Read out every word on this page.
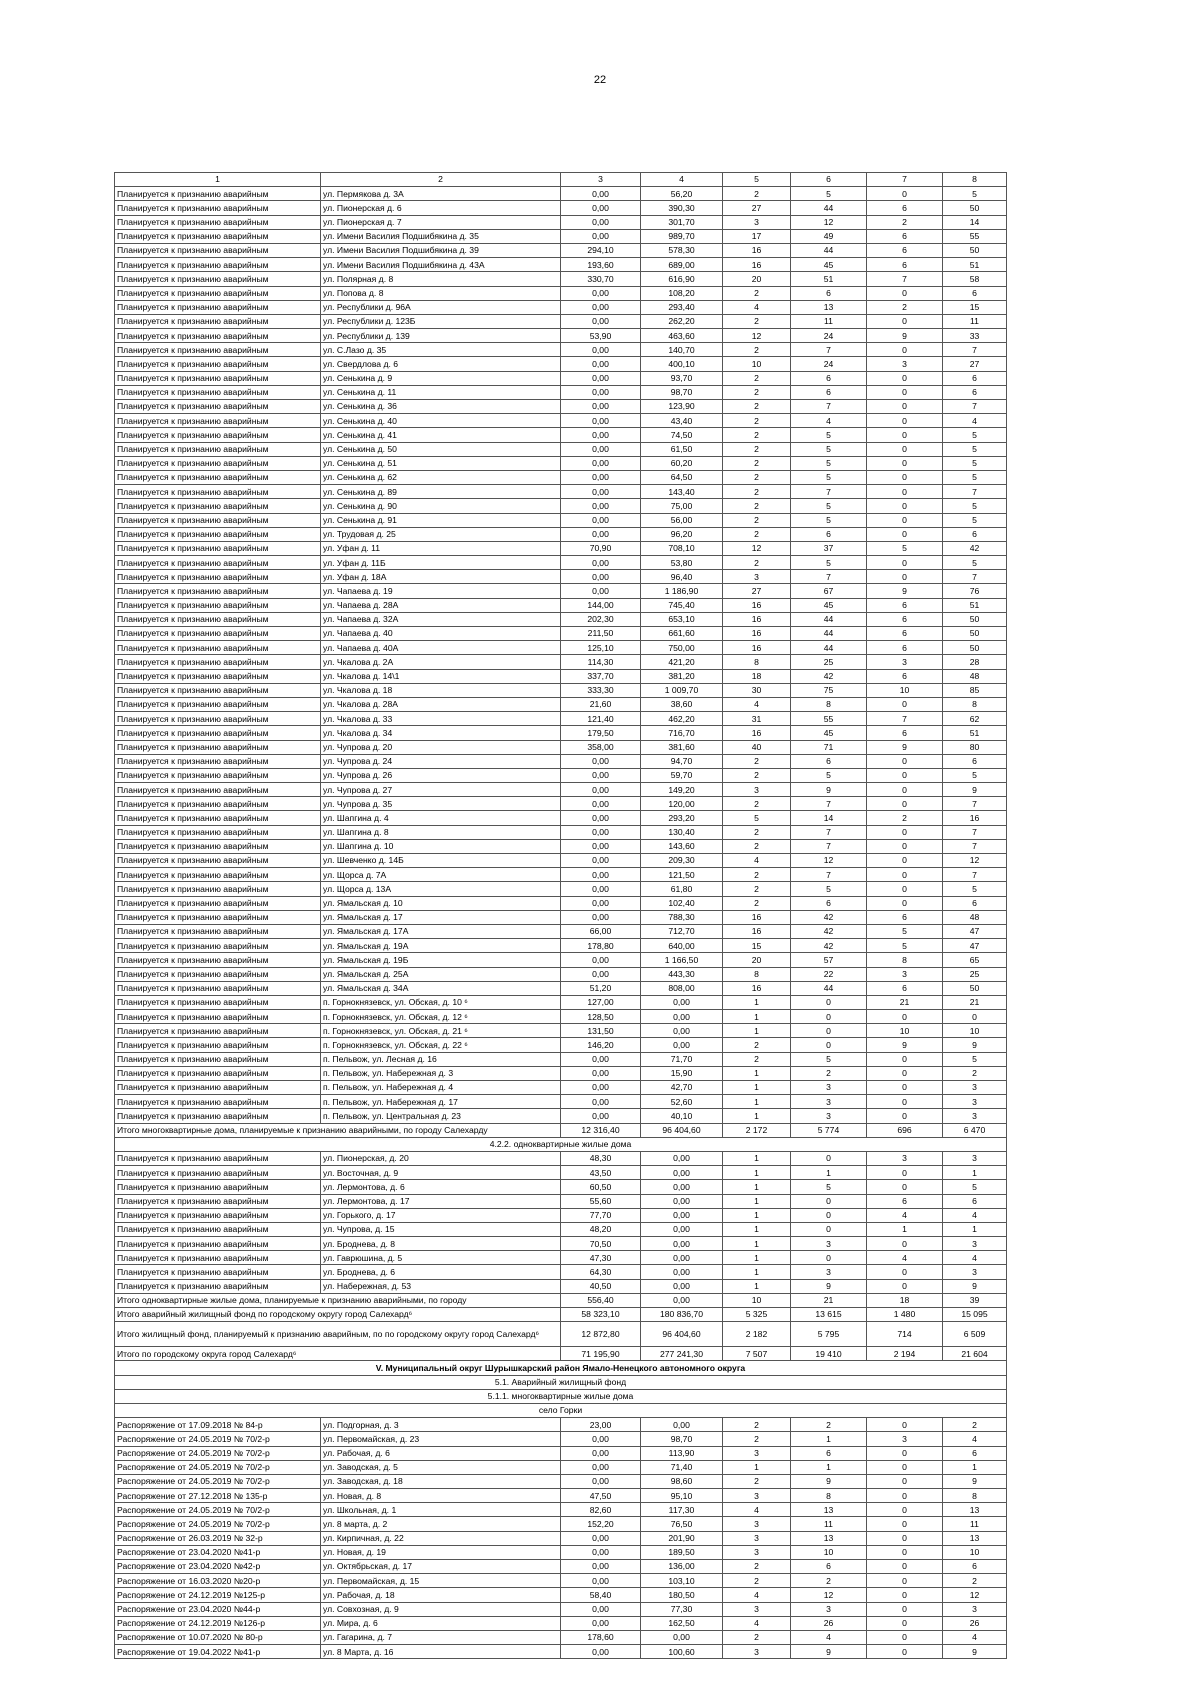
22
1	2	3	4	5	6	7	8
Планируется к признанию аварийным	ул. Пермякова д. 3А	0,00	56,20	2	5	0	5
Планируется к признанию аварийным	ул. Пионерская д. 6	0,00	390,30	27	44	6	50
Планируется к признанию аварийным	ул. Пионерская д. 7	0,00	301,70	3	12	2	14
Планируется к признанию аварийным	ул. Имени Василия Подшибякина д. 35	0,00	989,70	17	49	6	55
Планируется к признанию аварийным	ул. Имени Василия Подшибякина д. 39	294,10	578,30	16	44	6	50
Планируется к признанию аварийным	ул. Имени Василия Подшибякина д. 43А	193,60	689,00	16	45	6	51
Планируется к признанию аварийным	ул. Полярная д. 8	330,70	616,90	20	51	7	58
Планируется к признанию аварийным	ул. Попова д. 8	0,00	108,20	2	6	0	6
Планируется к признанию аварийным	ул. Республики д. 96А	0,00	293,40	4	13	2	15
Планируется к признанию аварийным	ул. Республики д. 123Б	0,00	262,20	2	11	0	11
Планируется к признанию аварийным	ул. Республики д. 139	53,90	463,60	12	24	9	33
Планируется к признанию аварийным	ул. С.Лазо д. 35	0,00	140,70	2	7	0	7
Планируется к признанию аварийным	ул. Свердлова д. 6	0,00	400,10	10	24	3	27
Планируется к признанию аварийным	ул. Сенькина д. 9	0,00	93,70	2	6	0	6
Планируется к признанию аварийным	ул. Сенькина д. 11	0,00	98,70	2	6	0	6
Планируется к признанию аварийным	ул. Сенькина д. 36	0,00	123,90	2	7	0	7
Планируется к признанию аварийным	ул. Сенькина д. 40	0,00	43,40	2	4	0	4
Планируется к признанию аварийным	ул. Сенькина д. 41	0,00	74,50	2	5	0	5
Планируется к признанию аварийным	ул. Сенькина д. 50	0,00	61,50	2	5	0	5
Планируется к признанию аварийным	ул. Сенькина д. 51	0,00	60,20	2	5	0	5
Планируется к признанию аварийным	ул. Сенькина д. 62	0,00	64,50	2	5	0	5
Планируется к признанию аварийным	ул. Сенькина д. 89	0,00	143,40	2	7	0	7
Планируется к признанию аварийным	ул. Сенькина д. 90	0,00	75,00	2	5	0	5
Планируется к признанию аварийным	ул. Сенькина д. 91	0,00	56,00	2	5	0	5
Планируется к признанию аварийным	ул. Трудовая д. 25	0,00	96,20	2	6	0	6
Планируется к признанию аварийным	ул. Уфан д. 11	70,90	708,10	12	37	5	42
Планируется к признанию аварийным	ул. Уфан д. 11Б	0,00	53,80	2	5	0	5
Планируется к признанию аварийным	ул. Уфан д. 18А	0,00	96,40	3	7	0	7
Планируется к признанию аварийным	ул. Чапаева д. 19	0,00	1 186,90	27	67	9	76
Планируется к признанию аварийным	ул. Чапаева д. 28А	144,00	745,40	16	45	6	51
Планируется к признанию аварийным	ул. Чапаева д. 32А	202,30	653,10	16	44	6	50
Планируется к признанию аварийным	ул. Чапаева д. 40	211,50	661,60	16	44	6	50
Планируется к признанию аварийным	ул. Чапаева д. 40А	125,10	750,00	16	44	6	50
Планируется к признанию аварийным	ул. Чкалова д. 2А	114,30	421,20	8	25	3	28
Планируется к признанию аварийным	ул. Чкалова д. 14\1	337,70	381,20	18	42	6	48
Планируется к признанию аварийным	ул. Чкалова д. 18	333,30	1 009,70	30	75	10	85
Планируется к признанию аварийным	ул. Чкалова д. 28А	21,60	38,60	4	8	0	8
Планируется к признанию аварийным	ул. Чкалова д. 33	121,40	462,20	31	55	7	62
Планируется к признанию аварийным	ул. Чкалова д. 34	179,50	716,70	16	45	6	51
Планируется к признанию аварийным	ул. Чупрова д. 20	358,00	381,60	40	71	9	80
Планируется к признанию аварийным	ул. Чупрова д. 24	0,00	94,70	2	6	0	6
Планируется к признанию аварийным	ул. Чупрова д. 26	0,00	59,70	2	5	0	5
Планируется к признанию аварийным	ул. Чупрова д. 27	0,00	149,20	3	9	0	9
Планируется к признанию аварийным	ул. Чупрова д. 35	0,00	120,00	2	7	0	7
Планируется к признанию аварийным	ул. Шапгина д. 4	0,00	293,20	5	14	2	16
Планируется к признанию аварийным	ул. Шапгина д. 8	0,00	130,40	2	7	0	7
Планируется к признанию аварийным	ул. Шапгина д. 10	0,00	143,60	2	7	0	7
Планируется к признанию аварийным	ул. Шевченко д. 14Б	0,00	209,30	4	12	0	12
Планируется к признанию аварийным	ул. Щорса д. 7А	0,00	121,50	2	7	0	7
Планируется к признанию аварийным	ул. Щорса д. 13А	0,00	61,80	2	5	0	5
Планируется к признанию аварийным	ул. Ямальская д. 10	0,00	102,40	2	6	0	6
Планируется к признанию аварийным	ул. Ямальская д. 17	0,00	788,30	16	42	6	48
Планируется к признанию аварийным	ул. Ямальская д. 17А	66,00	712,70	16	42	5	47
Планируется к признанию аварийным	ул. Ямальская д. 19А	178,80	640,00	15	42	5	47
Планируется к признанию аварийным	ул. Ямальская д. 19Б	0,00	1 166,50	20	57	8	65
Планируется к признанию аварийным	ул. Ямальская д. 25А	0,00	443,30	8	22	3	25
Планируется к признанию аварийным	ул. Ямальская д. 34А	51,20	808,00	16	44	6	50
Планируется к признанию аварийным	п. Горнокнязевск, ул. Обская, д. 10 ⁶	127,00	0,00	1	0	21	21
Планируется к признанию аварийным	п. Горнокнязевск, ул. Обская, д. 12 ⁶	128,50	0,00	1	0	0	0
Планируется к признанию аварийным	п. Горнокнязевск, ул. Обская, д. 21 ⁶	131,50	0,00	1	0	10	10
Планируется к признанию аварийным	п. Горнокнязевск, ул. Обская, д. 22 ⁶	146,20	0,00	2	0	9	9
Планируется к признанию аварийным	п. Пельвож, ул. Лесная д. 16	0,00	71,70	2	5	0	5
Планируется к признанию аварийным	п. Пельвож, ул. Набережная д. 3	0,00	15,90	1	2	0	2
Планируется к признанию аварийным	п. Пельвож, ул. Набережная д. 4	0,00	42,70	1	3	0	3
Планируется к признанию аварийным	п. Пельвож, ул. Набережная д. 17	0,00	52,60	1	3	0	3
Планируется к признанию аварийным	п. Пельвож, ул. Центральная д. 23	0,00	40,10	1	3	0	3
Итого многоквартирные дома, планируемые к признанию аварийными, по городу Салехарду		12 316,40	96 404,60	2 172	5 774	696	6 470
4.2.2. одноквартирные жилые дома							
Планируется к признанию аварийным	ул. Пионерская, д. 20	48,30	0,00	1	0	3	3
Планируется к признанию аварийным	ул. Восточная, д. 9	43,50	0,00	1	1	0	1
Планируется к признанию аварийным	ул. Лермонтова, д. 6	60,50	0,00	1	5	0	5
Планируется к признанию аварийным	ул. Лермонтова, д. 17	55,60	0,00	1	0	6	6
Планируется к признанию аварийным	ул. Горького, д. 17	77,70	0,00	1	0	4	4
Планируется к признанию аварийным	ул. Чупрова, д. 15	48,20	0,00	1	0	1	1
Планируется к признанию аварийным	ул. Броднева, д. 8	70,50	0,00	1	3	0	3
Планируется к признанию аварийным	ул. Гаврюшина, д. 5	47,30	0,00	1	0	4	4
Планируется к признанию аварийным	ул. Броднева, д. 6	64,30	0,00	1	3	0	3
Планируется к признанию аварийным	ул. Набережная, д. 53	40,50	0,00	1	9	0	9
Итого одноквартирные жилые дома, планируемые к признанию аварийными, по городу		556,40	0,00	10	21	18	39
Итого аварийный жилищный фонд по городскому округу город Салехард⁶		58 323,10	180 836,70	5 325	13 615	1 480	15 095
Итого жилищный фонд, планируемый к признанию аварийным, по по городскому округу город Салехард⁶		12 872,80	96 404,60	2 182	5 795	714	6 509
Итого по городскому округа город Салехард⁶		71 195,90	277 241,30	7 507	19 410	2 194	21 604
V. Муниципальный округ Шурышкарский район Ямало-Ненецкого автономного округа							
5.1. Аварийный жилищный фонд							
5.1.1. многоквартирные жилые дома							
село Горки							
Распоряжение от 17.09.2018 № 84-р	ул. Подгорная, д. 3	23,00	0,00	2	2	0	2
Распоряжение от 24.05.2019 № 70/2-р	ул. Первомайская, д. 23	0,00	98,70	2	1	3	4
Распоряжение от 24.05.2019 № 70/2-р	ул. Рабочая, д. 6	0,00	113,90	3	6	0	6
Распоряжение от 24.05.2019 № 70/2-р	ул. Заводская, д. 5	0,00	71,40	1	1	0	1
Распоряжение от 24.05.2019 № 70/2-р	ул. Заводская, д. 18	0,00	98,60	2	9	0	9
Распоряжение от 27.12.2018 № 135-р	ул. Новая, д. 8	47,50	95,10	3	8	0	8
Распоряжение от 24.05.2019 № 70/2-р	ул. Школьная, д. 1	82,60	117,30	4	13	0	13
Распоряжение от 24.05.2019 № 70/2-р	ул. 8 марта, д. 2	152,20	76,50	3	11	0	11
Распоряжение от 26.03.2019 № 32-р	ул. Кирпичная, д. 22	0,00	201,90	3	13	0	13
Распоряжение от 23.04.2020 №41-р	ул. Новая, д. 19	0,00	189,50	3	10	0	10
Распоряжение от 23.04.2020 №42-р	ул. Октябрьская, д. 17	0,00	136,00	2	6	0	6
Распоряжение от 16.03.2020 №20-р	ул. Первомайская, д. 15	0,00	103,10	2	2	0	2
Распоряжение от 24.12.2019 №125-р	ул. Рабочая, д. 18	58,40	180,50	4	12	0	12
Распоряжение от 23.04.2020 №44-р	ул. Совхозная, д. 9	0,00	77,30	3	3	0	3
Распоряжение от 24.12.2019 №126-р	ул. Мира, д. 6	0,00	162,50	4	26	0	26
Распоряжение от 10.07.2020 № 80-р	ул. Гагарина, д. 7	178,60	0,00	2	4	0	4
Распоряжение от 19.04.2022 №41-р	ул. 8 Марта, д. 16	0,00	100,60	3	9	0	9
